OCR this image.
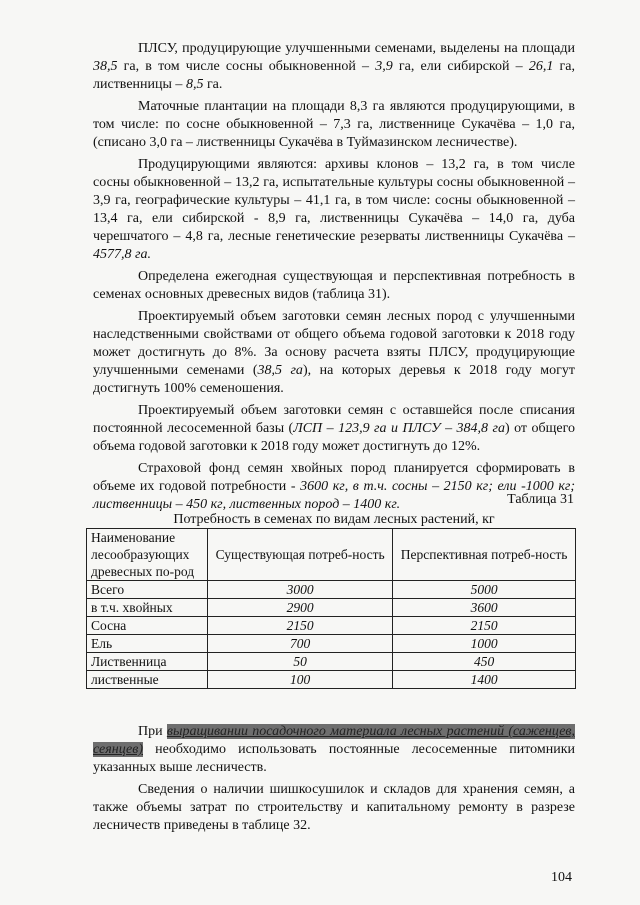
ПЛСУ, продуцирующие улучшенными семенами, выделены на площади 38,5 га, в том числе сосны обыкновенной – 3,9 га, ели сибирской – 26,1 га, лиственницы – 8,5 га.

Маточные плантации на площади 8,3 га являются продуцирующими, в том числе: по сосне обыкновенной – 7,3 га, лиственнице Сукачёва – 1,0 га, (списано 3,0 га – лиственницы Сукачёва в Туймазинском лесничестве).

Продуцирующими являются: архивы клонов – 13,2 га, в том числе сосны обыкновенной – 13,2 га, испытательные культуры сосны обыкновенной – 3,9 га, географические культуры – 41,1 га, в том числе: сосны обыкновенной – 13,4 га, ели сибирской - 8,9 га, лиственницы Сукачёва – 14,0 га, дуба черешчатого – 4,8 га, лесные генетические резерваты лиственницы Сукачёва – 4577,8 га.

Определена ежегодная существующая и перспективная потребность в семенах основных древесных видов (таблица 31).

Проектируемый объем заготовки семян лесных пород с улучшенными наследственными свойствами от общего объема годовой заготовки к 2018 году может достигнуть до 8%. За основу расчета взяты ПЛСУ, продуцирующие улучшенными семенами (38,5 га), на которых деревья к 2018 году могут достигнуть 100% семеношения.

Проектируемый объем заготовки семян с оставшейся после списания постоянной лесосеменной базы (ЛСП – 123,9 га и ПЛСУ – 384,8 га) от общего объема годовой заготовки к 2018 году может достигнуть до 12%.

Страховой фонд семян хвойных пород планируется сформировать в объеме их годовой потребности - 3600 кг, в т.ч. сосны – 2150 кг; ели -1000 кг; лиственницы – 450 кг, лиственных пород – 1400 кг.	Таблица 31
Потребность в семенах по видам лесных растений, кг
Наименование лесообразующих древесных по-род	Существующая потреб-ность	Перспективная потреб-ность
Всего	3000	5000
в т.ч. хвойных	2900	3600
Сосна	2150	2150
Ель	700	1000
Лиственница	50	450
лиственные	100	1400

При выращивании посадочного материала лесных растений (саженцев, сеянцев) необходимо использовать постоянные лесосеменные питомники указанных выше лесничеств.

Сведения о наличии шишкосушилок и складов для хранения семян, а также объемы затрат по строительству и капитальному ремонту в разрезе лесничеств приведены в таблице 32.

104
